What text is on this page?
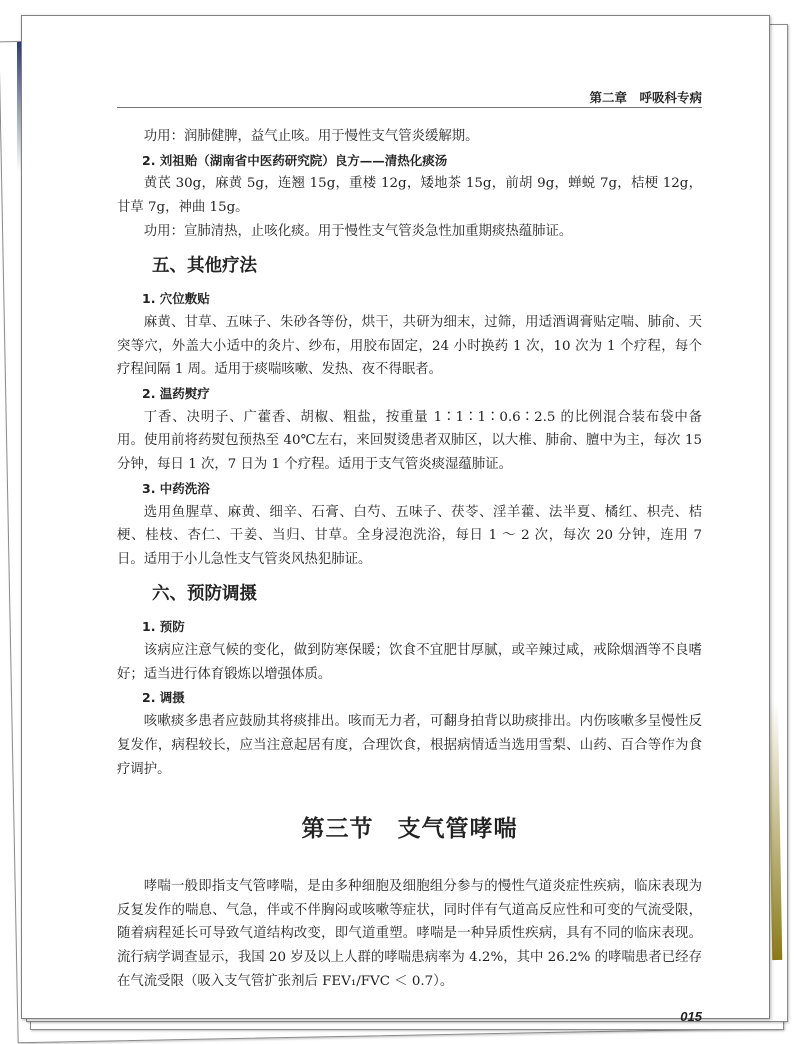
第二章　呼吸科专病

功用：润肺健脾，益气止咳。用于慢性支气管炎缓解期。

2. 刘祖贻（湖南省中医药研究院）良方——清热化痰汤

黄芪 30g，麻黄 5g，连翘 15g，重楼 12g，矮地茶 15g，前胡 9g，蝉蜕 7g，桔梗 12g，甘草 7g，神曲 15g。

功用：宣肺清热，止咳化痰。用于慢性支气管炎急性加重期痰热蕴肺证。

五、其他疗法
1. 穴位敷贴

麻黄、甘草、五味子、朱砂各等份，烘干，共研为细末，过筛，用适酒调膏贴定喘、肺俞、天突等穴，外盖大小适中的灸片、纱布，用胶布固定，24 小时换药 1 次，10 次为 1 个疗程，每个疗程间隔 1 周。适用于痰喘咳嗽、发热、夜不得眠者。

2. 温药熨疗

丁香、决明子、广藿香、胡椒、粗盐，按重量 1∶1∶1∶0.6∶2.5 的比例混合装布袋中备用。使用前将药熨包预热至 40℃左右，来回熨烫患者双肺区，以大椎、肺俞、膻中为主，每次 15 分钟，每日 1 次，7 日为 1 个疗程。适用于支气管炎痰湿蕴肺证。

3. 中药洗浴

选用鱼腥草、麻黄、细辛、石膏、白芍、五味子、茯苓、淫羊藿、法半夏、橘红、枳壳、桔梗、桂枝、杏仁、干姜、当归、甘草。全身浸泡洗浴，每日 1 ～ 2 次，每次 20 分钟，连用 7 日。适用于小儿急性支气管炎风热犯肺证。

六、预防调摄
1. 预防

该病应注意气候的变化，做到防寒保暖；饮食不宜肥甘厚腻，或辛辣过咸，戒除烟酒等不良嗜好；适当进行体育锻炼以增强体质。

2. 调摄

咳嗽痰多患者应鼓励其将痰排出。咳而无力者，可翻身拍背以助痰排出。内伤咳嗽多呈慢性反复发作，病程较长，应当注意起居有度，合理饮食，根据病情适当选用雪梨、山药、百合等作为食疗调护。

第三节　支气管哮喘

哮喘一般即指支气管哮喘，是由多种细胞及细胞组分参与的慢性气道炎症性疾病，临床表现为反复发作的喘息、气急，伴或不伴胸闷或咳嗽等症状，同时伴有气道高反应性和可变的气流受限，随着病程延长可导致气道结构改变，即气道重塑。哮喘是一种异质性疾病，具有不同的临床表现。流行病学调查显示，我国 20 岁及以上人群的哮喘患病率为 4.2%，其中 26.2% 的哮喘患者已经存在气流受限（吸入支气管扩张剂后 FEV₁/FVC ＜ 0.7）。

015
